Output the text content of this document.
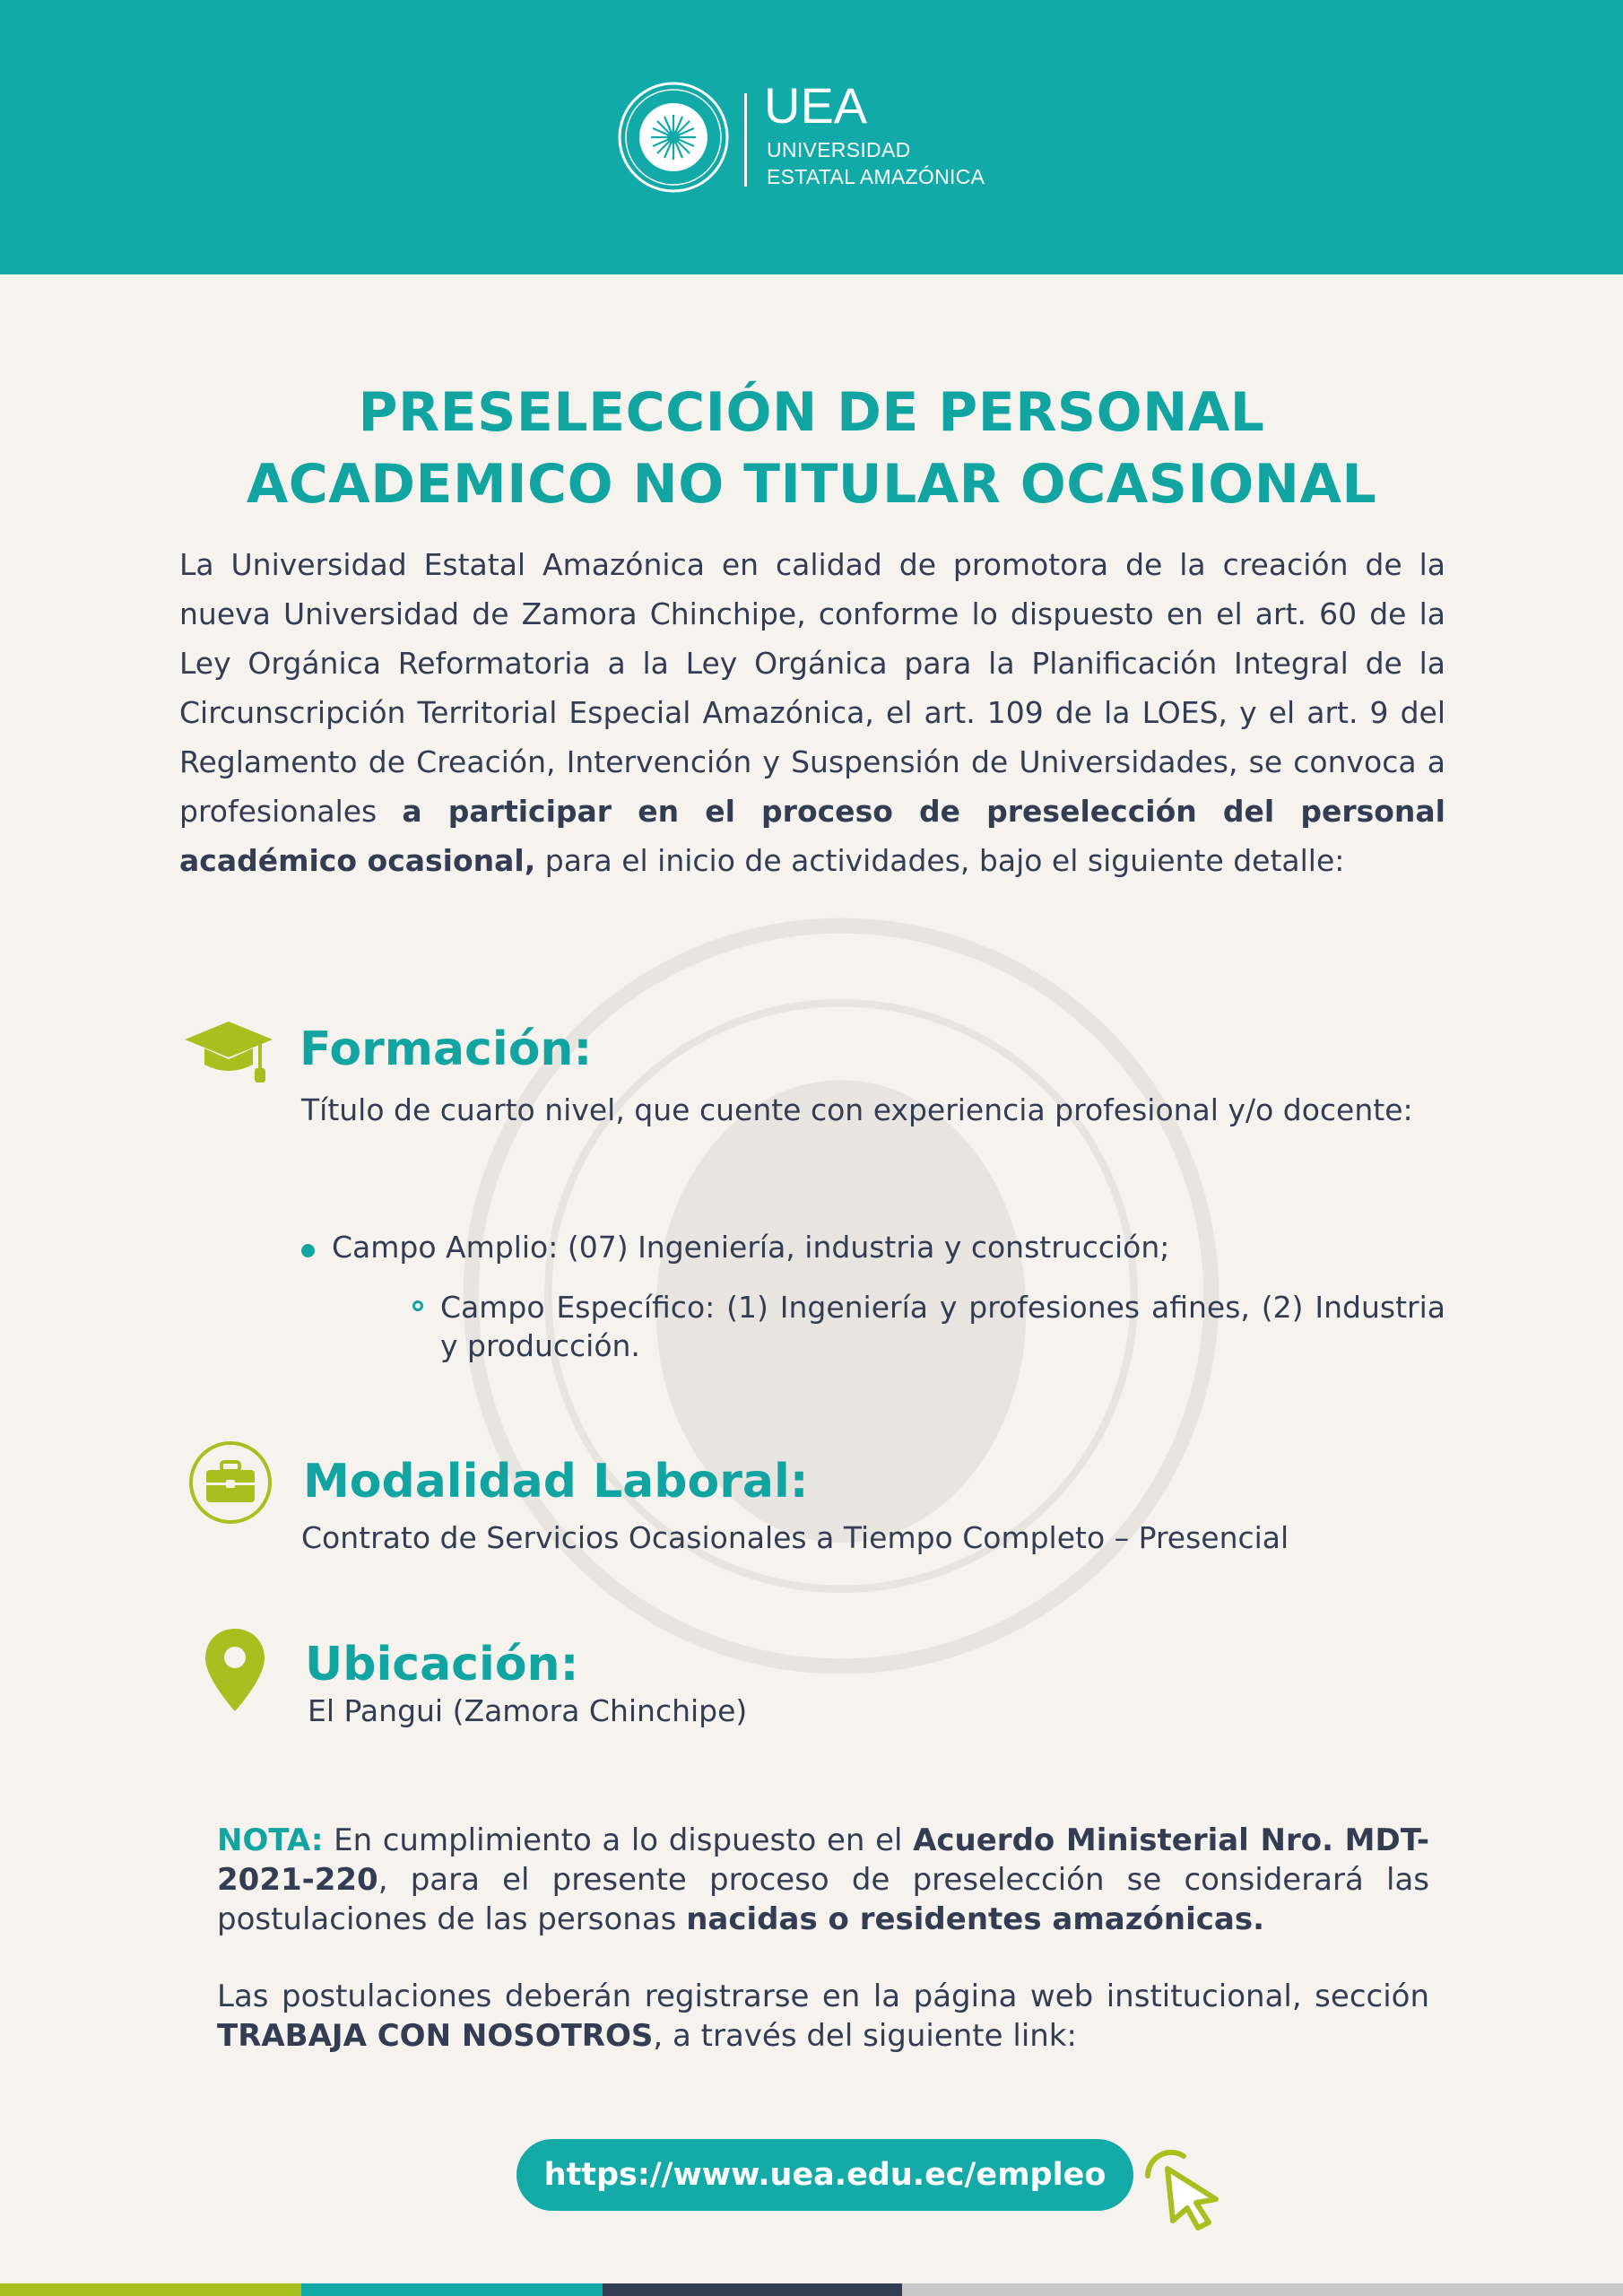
UEA
UNIVERSIDAD
ESTATAL AMAZÓNICA
PRESELECCIÓN DE PERSONAL
ACADEMICO NO TITULAR OCASIONAL
La Universidad Estatal Amazónica en calidad de promotora de la creación de la nueva Universidad de Zamora Chinchipe, conforme lo dispuesto en el art. 60 de la Ley Orgánica Reformatoria a la Ley Orgánica para la Planificación Integral de la Circunscripción Territorial Especial Amazónica, el art. 109 de la LOES, y el art. 9 del Reglamento de Creación, Intervención y Suspensión de Universidades, se convoca a profesionales a participar en el proceso de preselección del personal académico ocasional, para el inicio de actividades, bajo el siguiente detalle:
Formación:
Título de cuarto nivel, que cuente con experiencia profesional y/o docente:
Campo Amplio: (07) Ingeniería, industria y construcción;
Campo Específico: (1) Ingeniería y profesiones afines, (2) Industria y producción.
Modalidad Laboral:
Contrato de Servicios Ocasionales a Tiempo Completo – Presencial
Ubicación:
El Pangui (Zamora Chinchipe)
NOTA: En cumplimiento a lo dispuesto en el Acuerdo Ministerial Nro. MDT-2021-220, para el presente proceso de preselección se considerará las postulaciones de las personas nacidas o residentes amazónicas.
Las postulaciones deberán registrarse en la página web institucional, sección TRABAJA CON NOSOTROS, a través del siguiente link:
https://www.uea.edu.ec/empleo
